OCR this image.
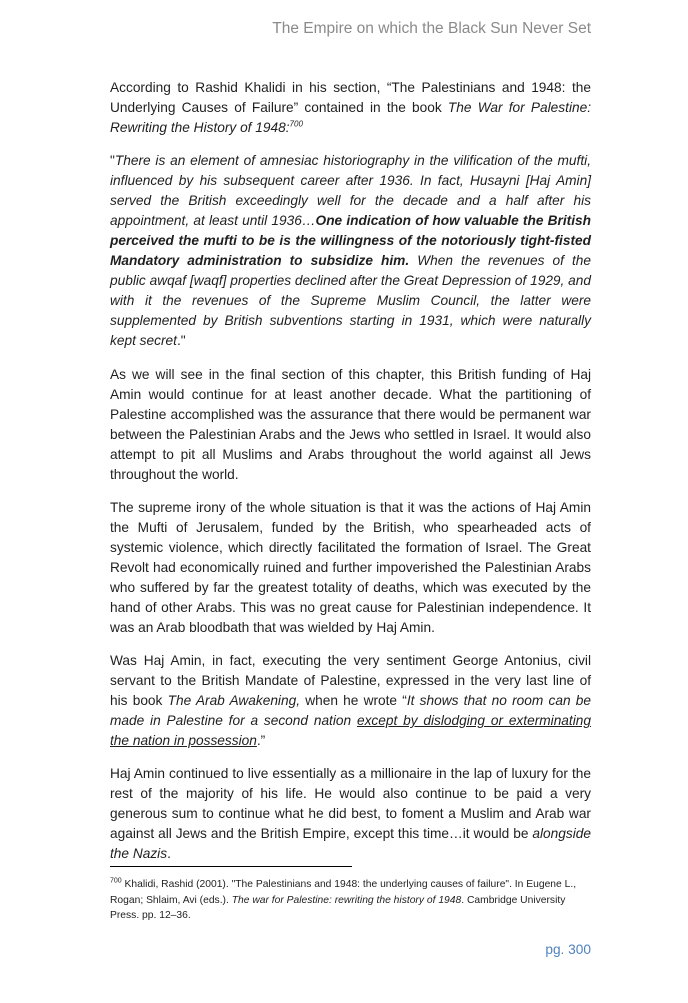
The Empire on which the Black Sun Never Set

According to Rashid Khalidi in his section, “The Palestinians and 1948: the Underlying Causes of Failure” contained in the book The War for Palestine: Rewriting the History of 1948:$^{700}$

"There is an element of amnesiac historiography in the vilification of the mufti, influenced by his subsequent career after 1936. In fact, Husayni [Haj Amin] served the British exceedingly well for the decade and a half after his appointment, at least until 1936…One indication of how valuable the British perceived the mufti to be is the willingness of the notoriously tight-fisted Mandatory administration to subsidize him. When the revenues of the public awqaf [waqf] properties declined after the Great Depression of 1929, and with it the revenues of the Supreme Muslim Council, the latter were supplemented by British subventions starting in 1931, which were naturally kept secret."

As we will see in the final section of this chapter, this British funding of Haj Amin would continue for at least another decade. What the partitioning of Palestine accomplished was the assurance that there would be permanent war between the Palestinian Arabs and the Jews who settled in Israel. It would also attempt to pit all Muslims and Arabs throughout the world against all Jews throughout the world.

The supreme irony of the whole situation is that it was the actions of Haj Amin the Mufti of Jerusalem, funded by the British, who spearheaded acts of systemic violence, which directly facilitated the formation of Israel. The Great Revolt had economically ruined and further impoverished the Palestinian Arabs who suffered by far the greatest totality of deaths, which was executed by the hand of other Arabs. This was no great cause for Palestinian independence. It was an Arab bloodbath that was wielded by Haj Amin.

Was Haj Amin, in fact, executing the very sentiment George Antonius, civil servant to the British Mandate of Palestine, expressed in the very last line of his book The Arab Awakening, when he wrote “It shows that no room can be made in Palestine for a second nation except by dislodging or exterminating the nation in possession.”

Haj Amin continued to live essentially as a millionaire in the lap of luxury for the rest of the majority of his life. He would also continue to be paid a very generous sum to continue what he did best, to foment a Muslim and Arab war against all Jews and the British Empire, except this time…it would be alongside the Nazis.

$^{700}$ Khalidi, Rashid (2001). "The Palestinians and 1948: the underlying causes of failure". In Eugene L., Rogan; Shlaim, Avi (eds.). The war for Palestine: rewriting the history of 1948. Cambridge University Press. pp. 12–36.
pg. 300
